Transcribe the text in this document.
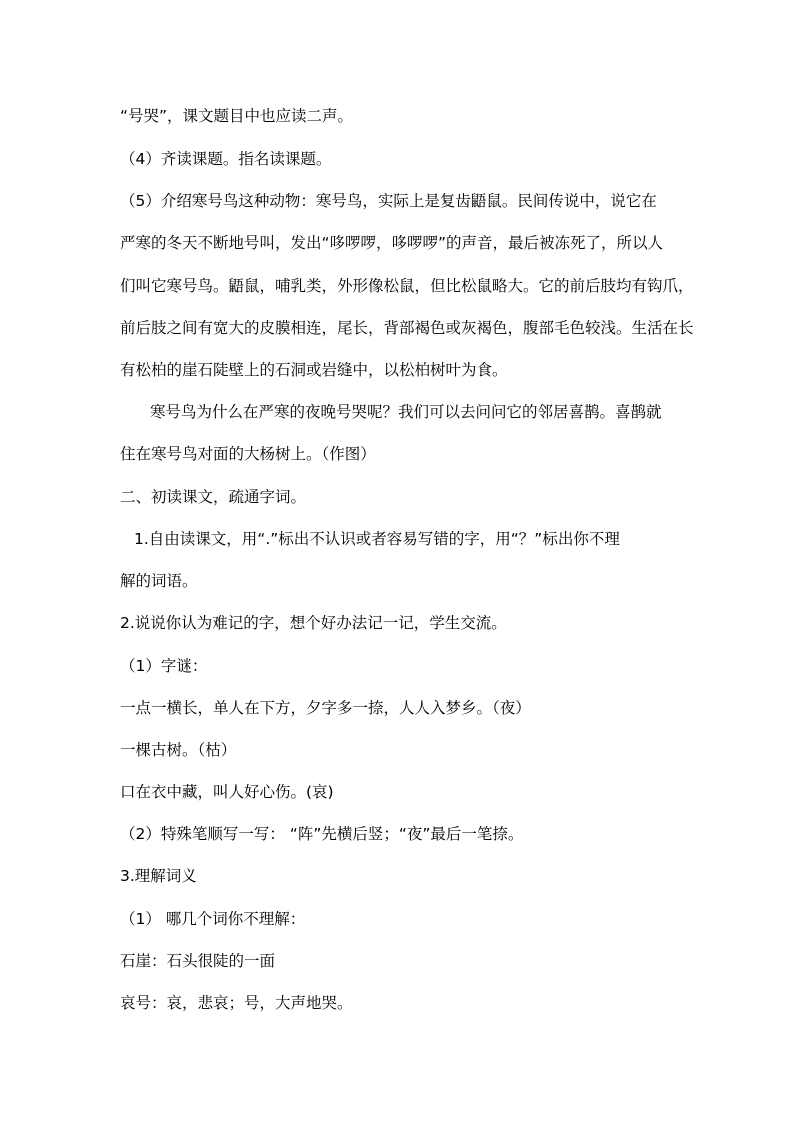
“号哭”，课文题目中也应读二声。
（4）齐读课题。指名读课题。
（5）介绍寒号鸟这种动物：寒号鸟，实际上是复齿鼯鼠。民间传说中，说它在
严寒的冬天不断地号叫，发出“哆啰啰，哆啰啰”的声音，最后被冻死了，所以人
们叫它寒号鸟。鼯鼠，哺乳类，外形像松鼠，但比松鼠略大。它的前后肢均有钩爪，
前后肢之间有宽大的皮膜相连，尾长，背部褐色或灰褐色，腹部毛色较浅。生活在长
有松柏的崖石陡壁上的石洞或岩缝中，以松柏树叶为食。
寒号鸟为什么在严寒的夜晚号哭呢？我们可以去问问它的邻居喜鹊。喜鹊就
住在寒号鸟对面的大杨树上。（作图）
二、初读课文，疏通字词。
1.自由读课文，用“.”标出不认识或者容易写错的字，用“？”标出你不理
解的词语。
2.说说你认为难记的字，想个好办法记一记，学生交流。
（1）字谜：
一点一横长，单人在下方，夕字多一捺，人人入梦乡。（夜）
一棵古树。（枯）
口在衣中藏，叫人好心伤。(哀)
（2）特殊笔顺写一写： “阵”先横后竖；“夜”最后一笔捺。
3.理解词义
（1） 哪几个词你不理解：
石崖：石头很陡的一面
哀号：哀，悲哀；号，大声地哭。
